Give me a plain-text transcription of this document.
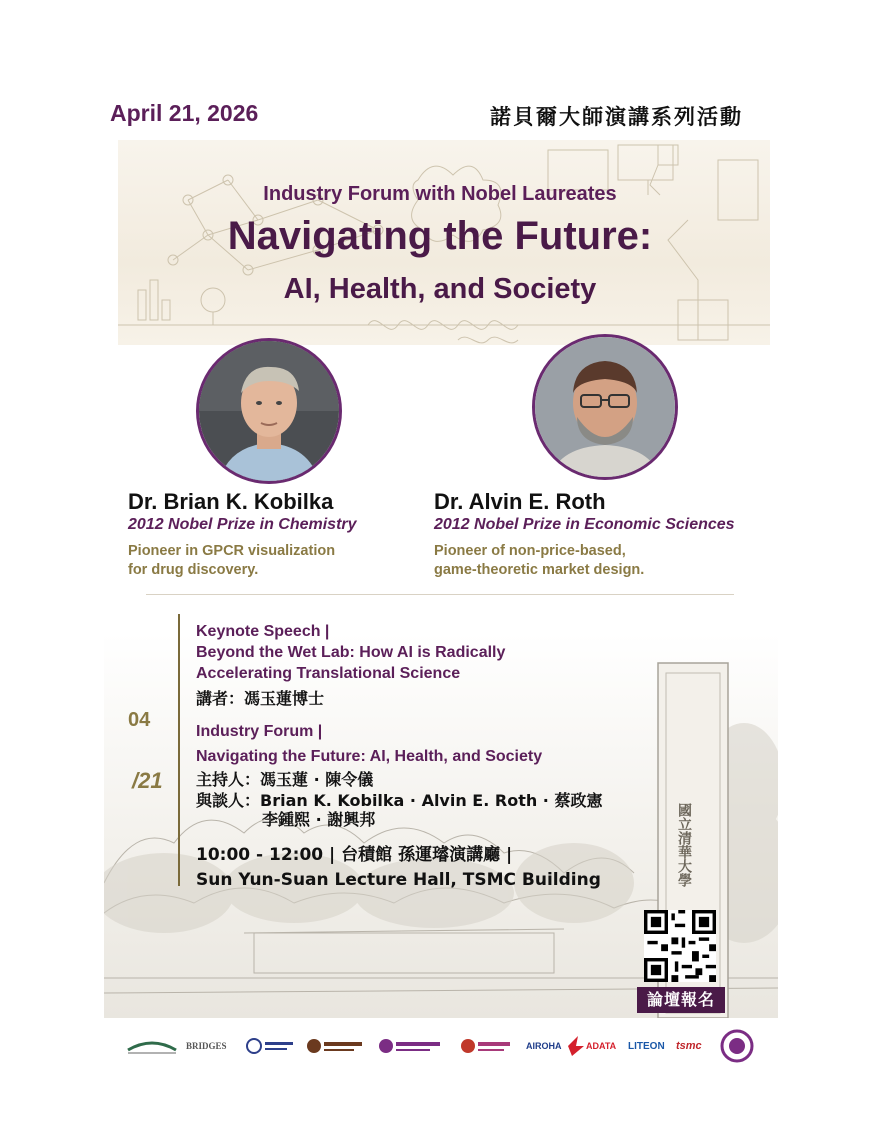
April 21, 2026	諾貝爾大師演講系列活動
Industry Forum with Nobel Laureates
Navigating the Future:
AI, Health, and Society
Dr. Brian K. Kobilka
2012 Nobel Prize in Chemistry
Pioneer in GPCR visualization
for drug discovery.
Dr. Alvin E. Roth
2012 Nobel Prize in Economic Sciences
Pioneer of non-price-based,
game-theoretic market design.
國立清華大學
04
/21
Keynote Speech |
Beyond the Wet Lab: How AI is Radically
Accelerating Translational Science
講者：馮玉蓮博士
Industry Forum |
Navigating the Future: AI, Health, and Society
主持人：馮玉蓮 · 陳令儀
與談人：Brian K. Kobilka · Alvin E. Roth · 蔡政憲
李鍾熙 · 謝興邦
10:00 - 12:00 | 台積館 孫運璿演講廳 |
Sun Yun-Suan Lecture Hall, TSMC Building
論壇報名
BRIDGES	AIROHA	ADATA LITEON tsmc
